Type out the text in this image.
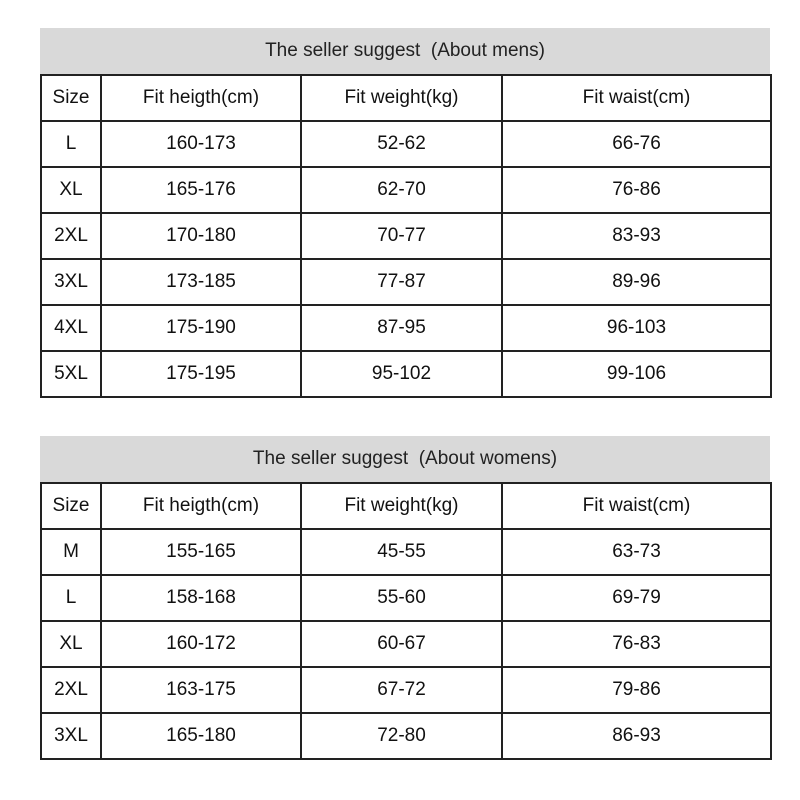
The seller suggest  (About mens)
Size	Fit heigth(cm)	Fit weight(kg)	Fit waist(cm)
L	160-173	52-62	66-76
XL	165-176	62-70	76-86
2XL	170-180	70-77	83-93
3XL	173-185	77-87	89-96
4XL	175-190	87-95	96-103
5XL	175-195	95-102	99-106
The seller suggest  (About womens)
Size	Fit heigth(cm)	Fit weight(kg)	Fit waist(cm)
M	155-165	45-55	63-73
L	158-168	55-60	69-79
XL	160-172	60-67	76-83
2XL	163-175	67-72	79-86
3XL	165-180	72-80	86-93
